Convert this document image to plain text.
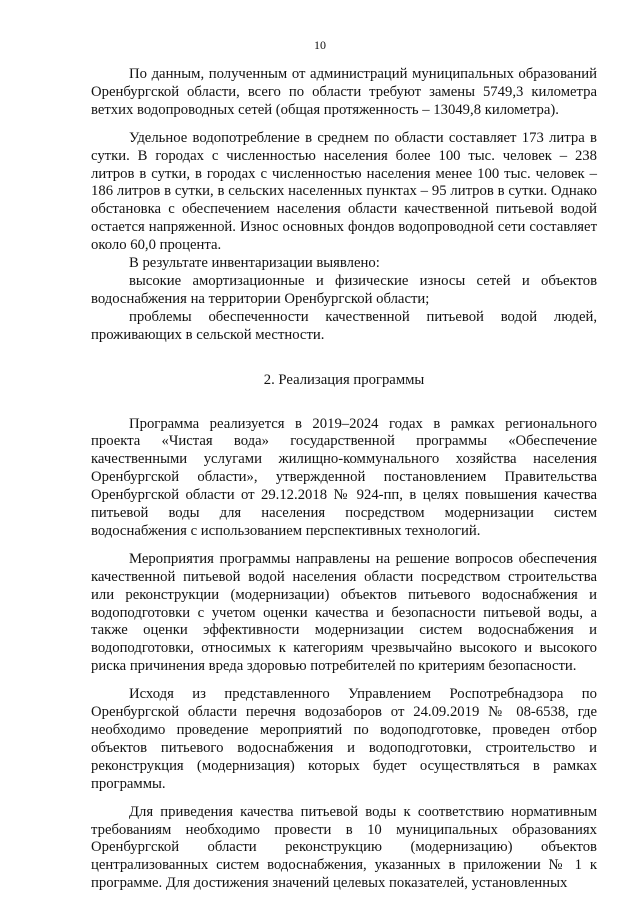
10

По данным, полученным от администраций муниципальных образований Оренбургской области, всего по области требуют замены 5749,3 километра ветхих водопроводных сетей (общая протяженность – 13049,8 километра).

Удельное водопотребление в среднем по области составляет 173 литра в сутки. В городах с численностью населения более 100 тыс. человек – 238 литров в сутки, в городах с численностью населения менее 100 тыс. человек – 186 литров в сутки, в сельских населенных пунктах – 95 литров в сутки. Однако обстановка с обеспечением населения области качественной питьевой водой остается напряженной. Износ основных фондов водопроводной сети составляет около 60,0 процента.

В результате инвентаризации выявлено:

высокие амортизационные и физические износы сетей и объектов водоснабжения на территории Оренбургской области;

проблемы обеспеченности качественной питьевой водой людей, проживающих в сельской местности.

2. Реализация программы

Программа реализуется в 2019–2024 годах в рамках регионального проекта «Чистая вода» государственной программы «Обеспечение качественными услугами жилищно-коммунального хозяйства населения Оренбургской области», утвержденной постановлением Правительства Оренбургской области от 29.12.2018 № 924-пп, в целях повышения качества питьевой воды для населения посредством модернизации систем водоснабжения с использованием перспективных технологий.

Мероприятия программы направлены на решение вопросов обеспечения качественной питьевой водой населения области посредством строительства или реконструкции (модернизации) объектов питьевого водоснабжения и водоподготовки с учетом оценки качества и безопасности питьевой воды, а также оценки эффективности модернизации систем водоснабжения и водоподготовки, относимых к категориям чрезвычайно высокого и высокого риска причинения вреда здоровью потребителей по критериям безопасности.

Исходя из представленного Управлением Роспотребнадзора по Оренбургской области перечня водозаборов от 24.09.2019 № 08-6538, где необходимо проведение мероприятий по водоподготовке, проведен отбор объектов питьевого водоснабжения и водоподготовки, строительство и реконструкция (модернизация) которых будет осуществляться в рамках программы.

Для приведения качества питьевой воды к соответствию нормативным требованиям необходимо провести в 10 муниципальных образованиях Оренбургской области реконструкцию (модернизацию) объектов централизованных систем водоснабжения, указанных в приложении № 1 к программе. Для достижения значений целевых показателей, установленных
